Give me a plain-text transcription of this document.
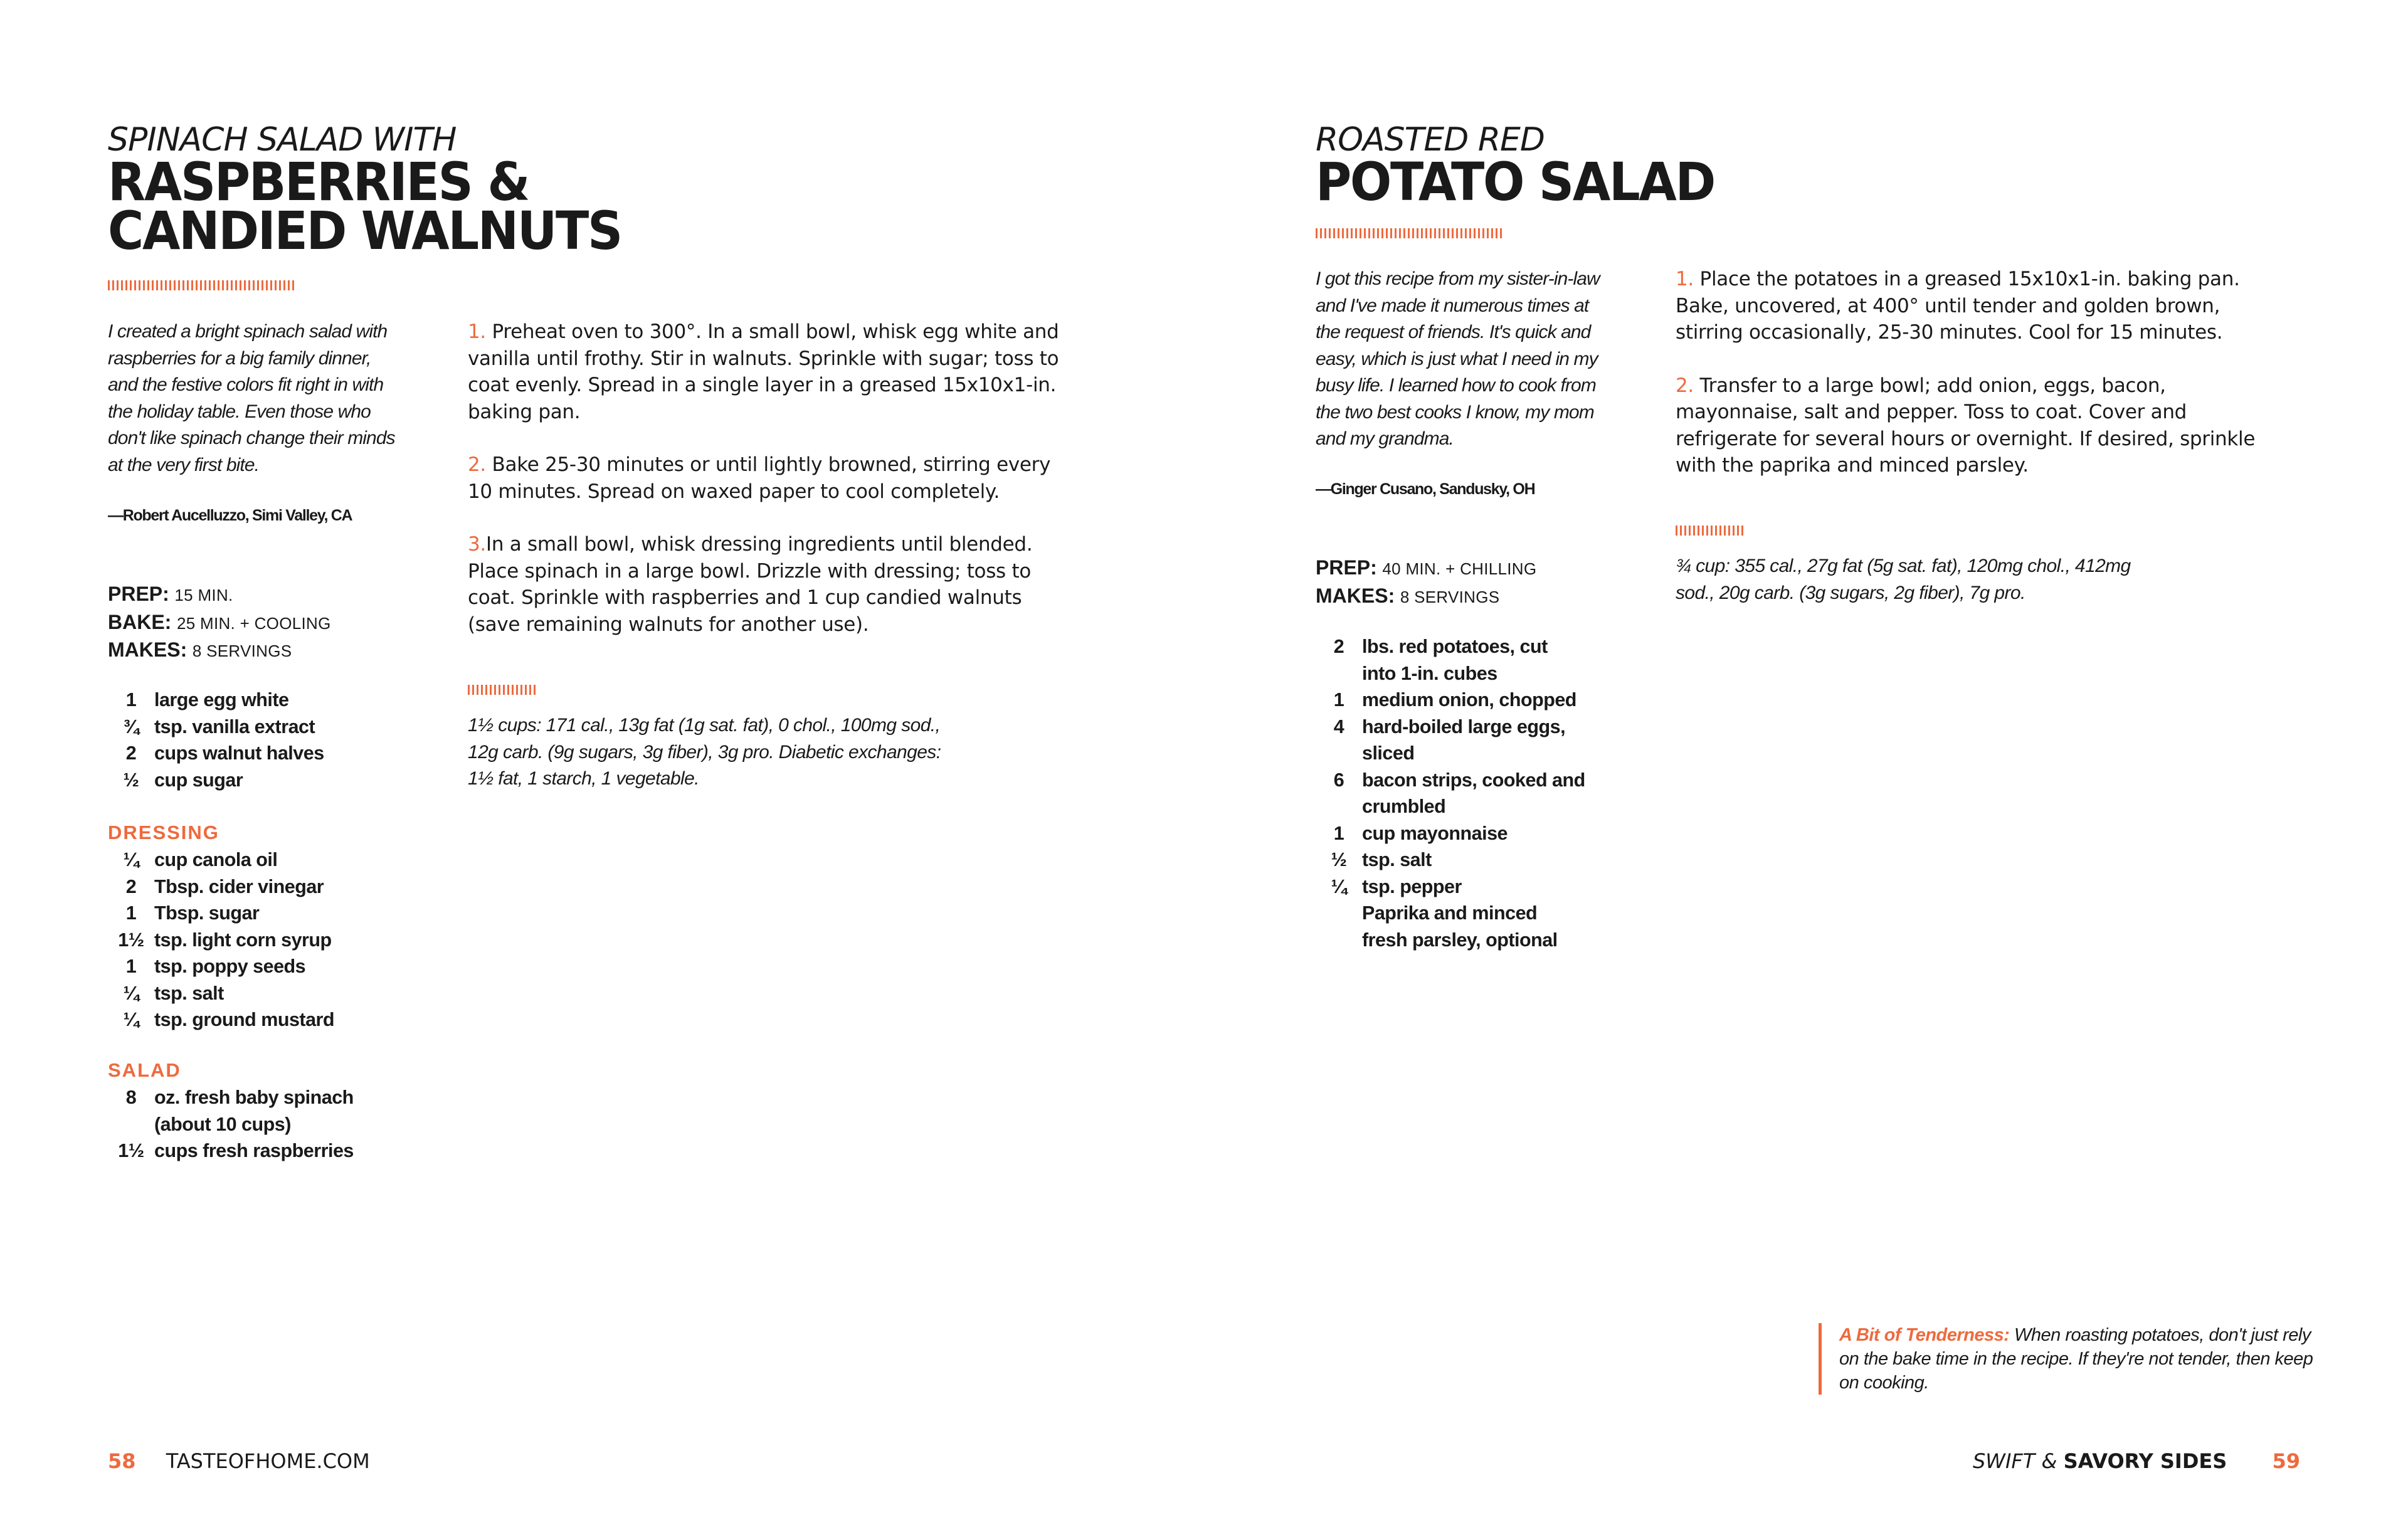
SPINACH SALAD WITH
RASPBERRIES &
CANDIED WALNUTS
I created a bright spinach salad with raspberries for a big family dinner, and the festive colors fit right in with the holiday table. Even those who don't like spinach change their minds at the very first bite.
—Robert Aucelluzzo, Simi Valley, CA
PREP: 15 MIN.
BAKE: 25 MIN. + COOLING
MAKES: 8 SERVINGS
1 large egg white
¾ tsp. vanilla extract
2 cups walnut halves
½ cup sugar
DRESSING
¼ cup canola oil
2 Tbsp. cider vinegar
1 Tbsp. sugar
1½ tsp. light corn syrup
1 tsp. poppy seeds
¼ tsp. salt
¼ tsp. ground mustard
SALAD
8 oz. fresh baby spinach (about 10 cups)
1½ cups fresh raspberries
1. Preheat oven to 300°. In a small bowl, whisk egg white and vanilla until frothy. Stir in walnuts. Sprinkle with sugar; toss to coat evenly. Spread in a single layer in a greased 15x10x1-in. baking pan.
2. Bake 25-30 minutes or until lightly browned, stirring every 10 minutes. Spread on waxed paper to cool completely.
3.In a small bowl, whisk dressing ingredients until blended. Place spinach in a large bowl. Drizzle with dressing; toss to coat. Sprinkle with raspberries and 1 cup candied walnuts (save remaining walnuts for another use).
1½ cups: 171 cal., 13g fat (1g sat. fat), 0 chol., 100mg sod., 12g carb. (9g sugars, 3g fiber), 3g pro. Diabetic exchanges: 1½ fat, 1 starch, 1 vegetable.
58 TASTEOFHOME.COM
ROASTED RED
POTATO SALAD
I got this recipe from my sister-in-law and I've made it numerous times at the request of friends. It's quick and easy, which is just what I need in my busy life. I learned how to cook from the two best cooks I know, my mom and my grandma.
—Ginger Cusano, Sandusky, OH
PREP: 40 MIN. + CHILLING
MAKES: 8 SERVINGS
2 lbs. red potatoes, cut into 1-in. cubes
1 medium onion, chopped
4 hard-boiled large eggs, sliced
6 bacon strips, cooked and crumbled
1 cup mayonnaise
½ tsp. salt
¼ tsp. pepper
Paprika and minced fresh parsley, optional
1. Place the potatoes in a greased 15x10x1-in. baking pan. Bake, uncovered, at 400° until tender and golden brown, stirring occasionally, 25-30 minutes. Cool for 15 minutes.
2. Transfer to a large bowl; add onion, eggs, bacon, mayonnaise, salt and pepper. Toss to coat. Cover and refrigerate for several hours or overnight. If desired, sprinkle with the paprika and minced parsley.
¾ cup: 355 cal., 27g fat (5g sat. fat), 120mg chol., 412mg sod., 20g carb. (3g sugars, 2g fiber), 7g pro.
A Bit of Tenderness: When roasting potatoes, don't just rely on the bake time in the recipe. If they're not tender, then keep on cooking.
SWIFT & SAVORY SIDES 59
